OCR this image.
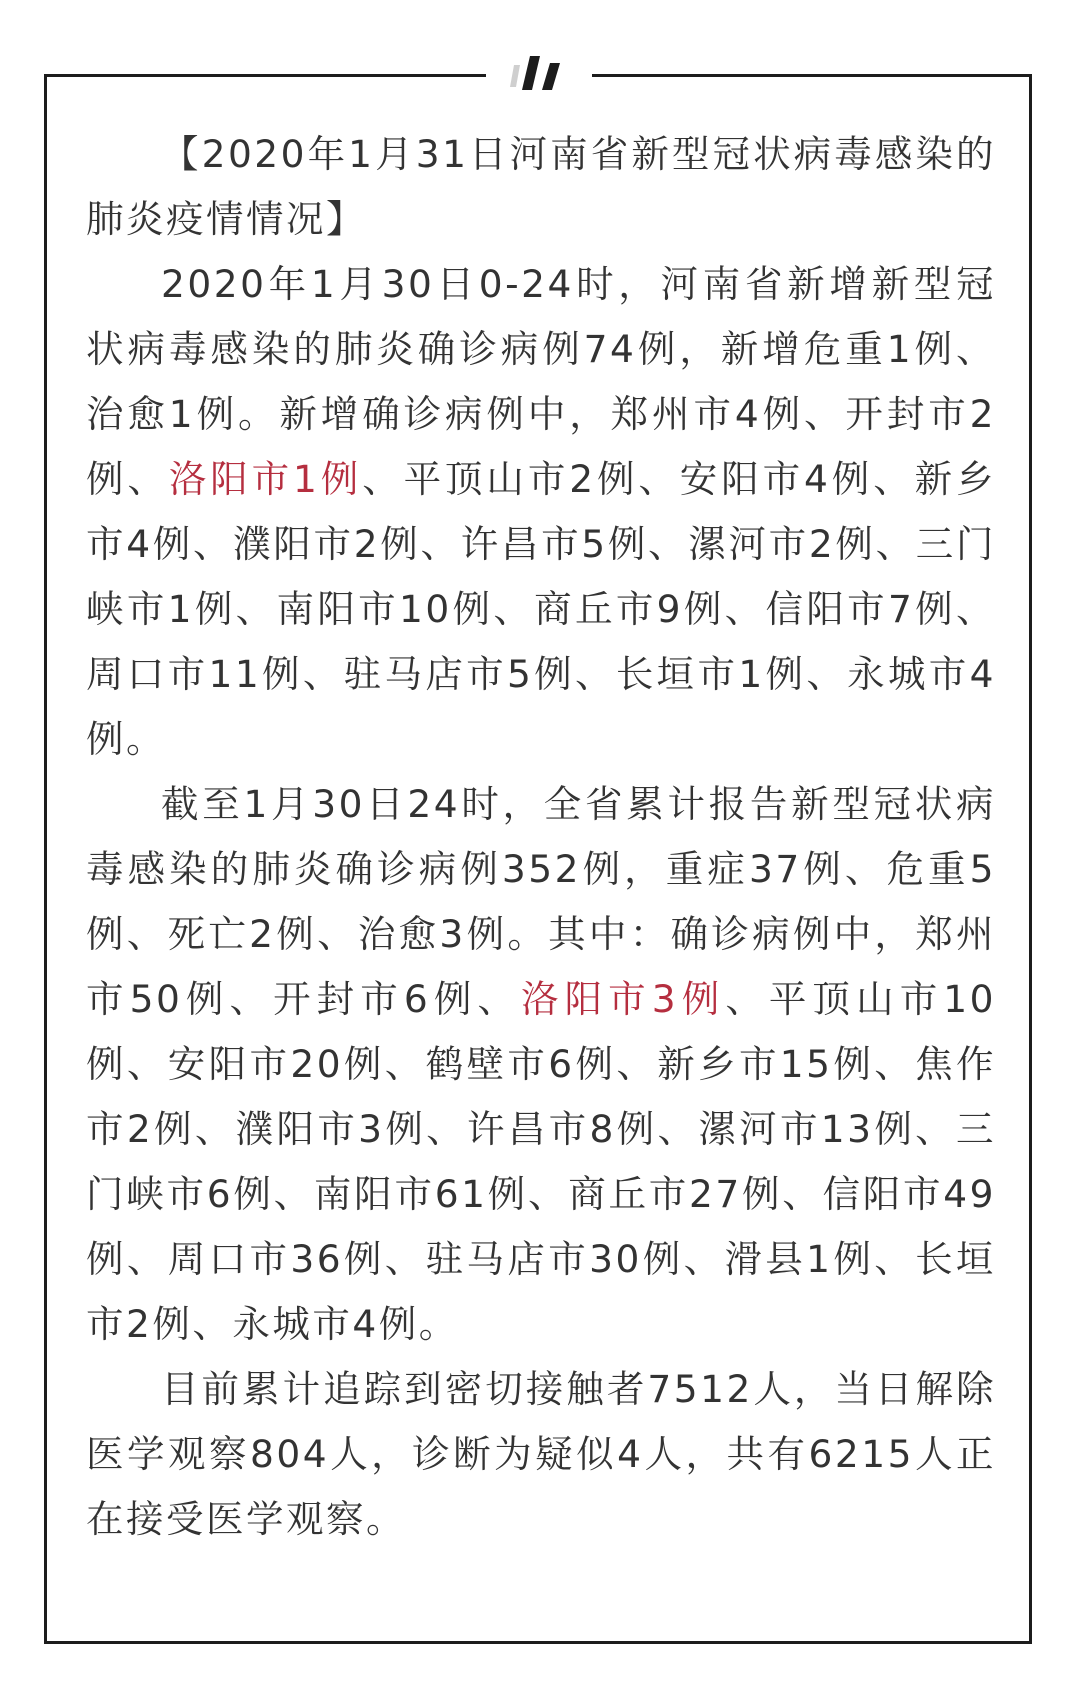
【2020年1月31日河南省新型冠状病毒感染的肺炎疫情情况】

2020年1月30日0-24时，河南省新增新型冠状病毒感染的肺炎确诊病例74例，新增危重1例、治愈1例。新增确诊病例中，郑州市4例、开封市2例、洛阳市1例、平顶山市2例、安阳市4例、新乡市4例、濮阳市2例、许昌市5例、漯河市2例、三门峡市1例、南阳市10例、商丘市9例、信阳市7例、周口市11例、驻马店市5例、长垣市1例、永城市4例。

截至1月30日24时，全省累计报告新型冠状病毒感染的肺炎确诊病例352例，重症37例、危重5例、死亡2例、治愈3例。其中：确诊病例中，郑州市50例、开封市6例、洛阳市3例、平顶山市10例、安阳市20例、鹤壁市6例、新乡市15例、焦作市2例、濮阳市3例、许昌市8例、漯河市13例、三门峡市6例、南阳市61例、商丘市27例、信阳市49例、周口市36例、驻马店市30例、滑县1例、长垣市2例、永城市4例。

目前累计追踪到密切接触者7512人，当日解除医学观察804人，诊断为疑似4人，共有6215人正在接受医学观察。
